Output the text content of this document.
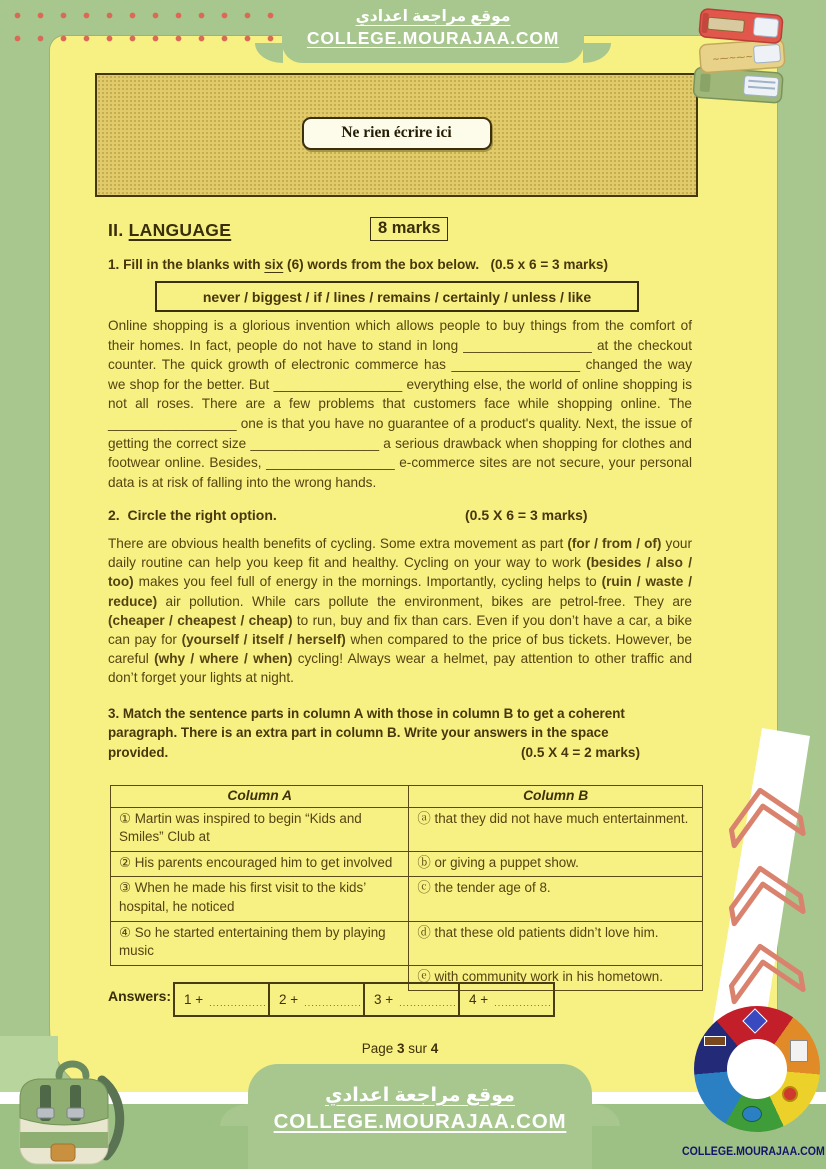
Ne rien écrire ici
II. LANGUAGE	8 marks
1. Fill in the blanks with six (6) words from the box below.   (0.5 x 6 = 3 marks)
never / biggest / if / lines / remains / certainly / unless / like
Online shopping is a glorious invention which allows people to buy things from the comfort of their homes. In fact, people do not have to stand in long _________________ at the checkout counter. The quick growth of electronic commerce has _________________ changed the way we shop for the better. But _________________ everything else, the world of online shopping is not all roses. There are a few problems that customers face while shopping online. The _________________ one is that you have no guarantee of a product's quality. Next, the issue of getting the correct size _________________ a serious drawback when shopping for clothes and footwear online. Besides, _________________ e-commerce sites are not secure, your personal data is at risk of falling into the wrong hands.
2.  Circle the right option.	(0.5 X 6 = 3 marks)
There are obvious health benefits of cycling. Some extra movement as part (for / from / of) your daily routine can help you keep fit and healthy. Cycling on your way to work (besides / also / too) makes you feel full of energy in the mornings. Importantly, cycling helps to (ruin / waste / reduce) air pollution. While cars pollute the environment, bikes are petrol-free. They are (cheaper / cheapest / cheap) to run, buy and fix than cars. Even if you don’t have a car, a bike can pay for (yourself / itself / herself) when compared to the price of bus tickets. However, be careful (why / where / when) cycling! Always wear a helmet, pay attention to other traffic and don’t forget your lights at night.
3. Match the sentence parts in column A with those in column B to get a coherent
paragraph. There is an extra part in column B. Write your answers in the space
provided.	(0.5 X 4 = 2 marks)
Column A	Column B
① Martin was inspired to begin “Kids and Smiles” Club at	ⓐ that they did not have much entertainment.
② His parents encouraged him to get involved	ⓑ or giving a puppet show.
③ When he made his first visit to the kids’ hospital, he noticed	ⓒ the tender age of 8.
④ So he started entertaining them by playing music	ⓓ that these old patients didn’t love him.
	ⓔ with community work in his hometown.
Answers: 1 + ................ 2 + ................ 3 + ................ 4 + ................
Page 3 sur 4
موقع مراجعة اعدادي
COLLEGE.MOURAJAA.COM
~⁓~⁓~
موقع مراجعة اعدادي
COLLEGE.MOURAJAA.COM
COLLEGE.MOURAJAA.COM
